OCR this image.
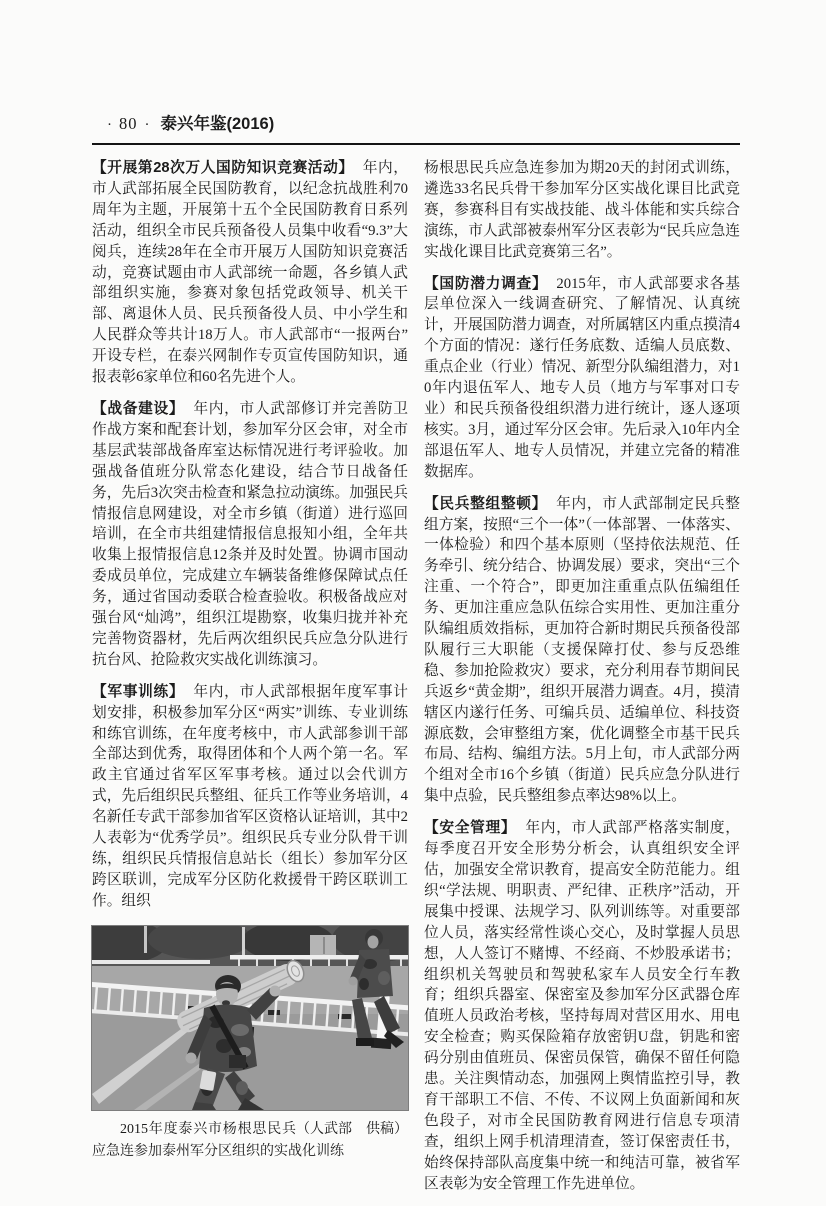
· 80 · 泰兴年鉴(2016)

【开展第28次万人国防知识竞赛活动】 年内，市人武部拓展全民国防教育，以纪念抗战胜利70周年为主题，开展第十五个全民国防教育日系列活动，组织全市民兵预备役人员集中收看“9.3”大阅兵，连续28年在全市开展万人国防知识竞赛活动，竞赛试题由市人武部统一命题，各乡镇人武部组织实施，参赛对象包括党政领导、机关干部、离退休人员、民兵预备役人员、中小学生和人民群众等共计18万人。市人武部市“一报两台”开设专栏，在泰兴网制作专页宣传国防知识，通报表彰6家单位和60名先进个人。

【战备建设】 年内，市人武部修订并完善防卫作战方案和配套计划，参加军分区会审，对全市基层武装部战备库室达标情况进行考评验收。加强战备值班分队常态化建设，结合节日战备任务，先后3次突击检查和紧急拉动演练。加强民兵情报信息网建设，对全市乡镇（街道）进行巡回培训，在全市共组建情报信息报知小组，全年共收集上报情报信息12条并及时处置。协调市国动委成员单位，完成建立车辆装备维修保障试点任务，通过省国动委联合检查验收。积极备战应对强台风“灿鸿”，组织江堤勘察，收集归拢并补充完善物资器材，先后两次组织民兵应急分队进行抗台风、抢险救灾实战化训练演习。

【军事训练】 年内，市人武部根据年度军事计划安排，积极参加军分区“两实”训练、专业训练和练官训练，在年度考核中，市人武部参训干部全部达到优秀，取得团体和个人两个第一名。军政主官通过省军区军事考核。通过以会代训方式，先后组织民兵整组、征兵工作等业务培训，4名新任专武干部参加省军区资格认证培训，其中2人表彰为“优秀学员”。组织民兵专业分队骨干训练，组织民兵情报信息站长（组长）参加军分区跨区联训，完成军分区防化救援骨干跨区联训工作。组织

（人武部　供稿）
2015年度泰兴市杨根思民兵应急连参加泰州军分区组织的实战化训练

杨根思民兵应急连参加为期20天的封闭式训练，遴选33名民兵骨干参加军分区实战化课目比武竞赛，参赛科目有实战技能、战斗体能和实兵综合演练，市人武部被泰州军分区表彰为“民兵应急连实战化课目比武竞赛第三名”。

【国防潜力调查】 2015年，市人武部要求各基层单位深入一线调查研究、了解情况、认真统计，开展国防潜力调查，对所属辖区内重点摸清4个方面的情况：遂行任务底数、适编人员底数、重点企业（行业）情况、新型分队编组潜力，对10年内退伍军人、地专人员（地方与军事对口专业）和民兵预备役组织潜力进行统计，逐人逐项核实。3月，通过军分区会审。先后录入10年内全部退伍军人、地专人员情况，并建立完备的精准数据库。

【民兵整组整顿】 年内，市人武部制定民兵整组方案，按照“三个一体”（一体部署、一体落实、一体检验）和四个基本原则（坚持依法规范、任务牵引、统分结合、协调发展）要求，突出“三个注重、一个符合”，即更加注重重点队伍编组任务、更加注重应急队伍综合实用性、更加注重分队编组质效指标，更加符合新时期民兵预备役部队履行三大职能（支援保障打仗、参与反恐维稳、参加抢险救灾）要求，充分利用春节期间民兵返乡“黄金期”，组织开展潜力调查。4月，摸清辖区内遂行任务、可编兵员、适编单位、科技资源底数，会审整组方案，优化调整全市基干民兵布局、结构、编组方法。5月上旬，市人武部分两个组对全市16个乡镇（街道）民兵应急分队进行集中点验，民兵整组参点率达98%以上。

【安全管理】 年内，市人武部严格落实制度，每季度召开安全形势分析会，认真组织安全评估，加强安全常识教育，提高安全防范能力。组织“学法规、明职责、严纪律、正秩序”活动，开展集中授课、法规学习、队列训练等。对重要部位人员，落实经常性谈心交心，及时掌握人员思想，人人签订不赌博、不经商、不炒股承诺书；组织机关驾驶员和驾驶私家车人员安全行车教育；组织兵器室、保密室及参加军分区武器仓库值班人员政治考核，坚持每周对营区用水、用电安全检查；购买保险箱存放密钥U盘，钥匙和密码分别由值班员、保密员保管，确保不留任何隐患。关注舆情动态，加强网上舆情监控引导，教育干部职工不信、不传、不议网上负面新闻和灰色段子，对市全民国防教育网进行信息专项清查，组织上网手机清理清查，签订保密责任书，始终保持部队高度集中统一和纯洁可靠，被省军区表彰为安全管理工作先进单位。
